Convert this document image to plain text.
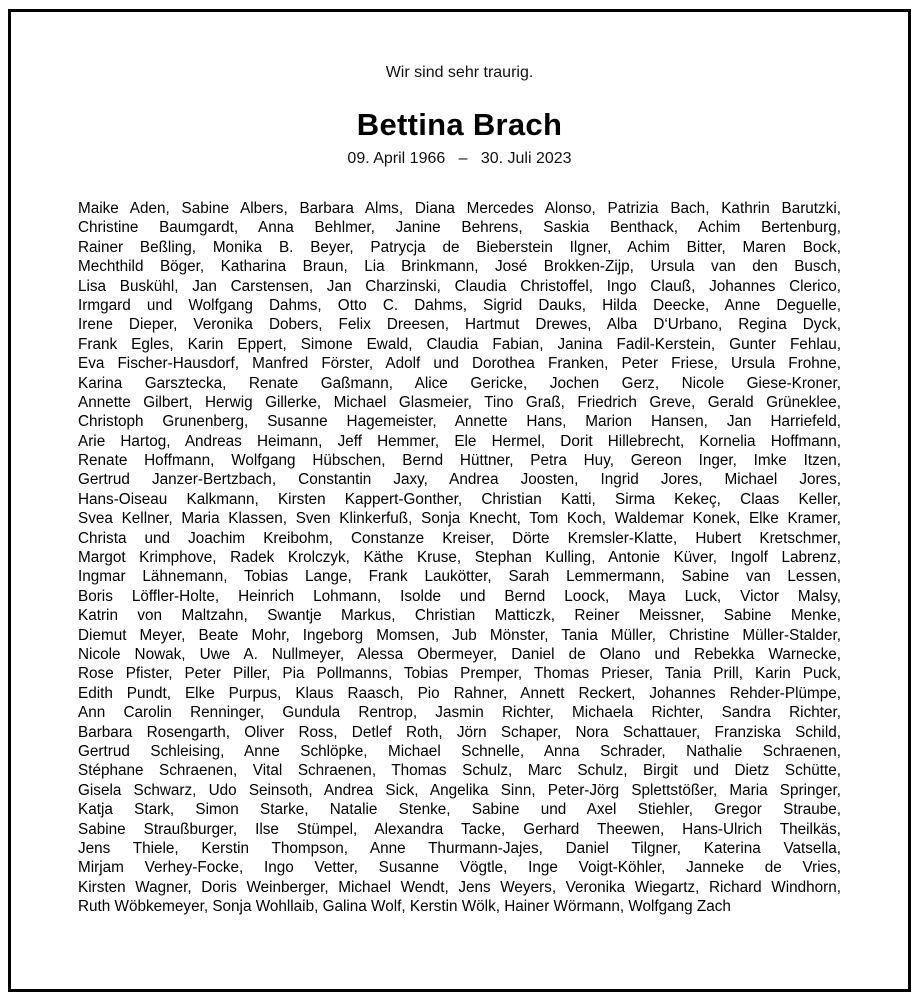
Wir sind sehr traurig.
Bettina Brach
09. April 1966   –   30. Juli 2023
Maike Aden, Sabine Albers, Barbara Alms, Diana Mercedes Alonso, Patrizia Bach, Kathrin Barutzki,
Christine Baumgardt, Anna Behlmer, Janine Behrens, Saskia Benthack, Achim Bertenburg,
Rainer Beßling, Monika B. Beyer, Patrycja de Bieberstein Ilgner, Achim Bitter, Maren Bock,
Mechthild Böger, Katharina Braun, Lia Brinkmann, José Brokken-Zijp, Ursula van den Busch,
Lisa Buskühl, Jan Carstensen, Jan Charzinski, Claudia Christoffel, Ingo Clauß, Johannes Clerico,
Irmgard und Wolfgang Dahms, Otto C. Dahms, Sigrid Dauks, Hilda Deecke, Anne Deguelle,
Irene Dieper, Veronika Dobers, Felix Dreesen, Hartmut Drewes, Alba D‘Urbano, Regina Dyck,
Frank Egles, Karin Eppert, Simone Ewald, Claudia Fabian, Janina Fadil-Kerstein, Gunter Fehlau,
Eva Fischer-Hausdorf, Manfred Förster, Adolf und Dorothea Franken, Peter Friese, Ursula Frohne,
Karina Garsztecka, Renate Gaßmann, Alice Gericke, Jochen Gerz, Nicole Giese-Kroner,
Annette Gilbert, Herwig Gillerke, Michael Glasmeier, Tino Graß, Friedrich Greve, Gerald Grüneklee,
Christoph Grunenberg, Susanne Hagemeister, Annette Hans, Marion Hansen, Jan Harriefeld,
Arie Hartog, Andreas Heimann, Jeff Hemmer, Ele Hermel, Dorit Hillebrecht, Kornelia Hoffmann,
Renate Hoffmann, Wolfgang Hübschen, Bernd Hüttner, Petra Huy, Gereon Inger, Imke Itzen,
Gertrud Janzer-Bertzbach, Constantin Jaxy, Andrea Joosten, Ingrid Jores, Michael Jores,
Hans-Oiseau Kalkmann, Kirsten Kappert-Gonther, Christian Katti, Sirma Kekeç, Claas Keller,
Svea Kellner, Maria Klassen, Sven Klinkerfuß, Sonja Knecht, Tom Koch, Waldemar Konek, Elke Kramer,
Christa und Joachim Kreibohm, Constanze Kreiser, Dörte Kremsler-Klatte, Hubert Kretschmer,
Margot Krimphove, Radek Krolczyk, Käthe Kruse, Stephan Kulling, Antonie Küver, Ingolf Labrenz,
Ingmar Lähnemann, Tobias Lange, Frank Laukötter, Sarah Lemmermann, Sabine van Lessen,
Boris Löffler-Holte, Heinrich Lohmann, Isolde und Bernd Loock, Maya Luck, Victor Malsy,
Katrin von Maltzahn, Swantje Markus, Christian Matticzk, Reiner Meissner, Sabine Menke,
Diemut Meyer, Beate Mohr, Ingeborg Momsen, Jub Mönster, Tania Müller, Christine Müller-Stalder,
Nicole Nowak, Uwe A. Nullmeyer, Alessa Obermeyer, Daniel de Olano und Rebekka Warnecke,
Rose Pfister, Peter Piller, Pia Pollmanns, Tobias Premper, Thomas Prieser, Tania Prill, Karin Puck,
Edith Pundt, Elke Purpus, Klaus Raasch, Pio Rahner, Annett Reckert, Johannes Rehder-Plümpe,
Ann Carolin Renninger, Gundula Rentrop, Jasmin Richter, Michaela Richter, Sandra Richter,
Barbara Rosengarth, Oliver Ross, Detlef Roth, Jörn Schaper, Nora Schattauer, Franziska Schild,
Gertrud Schleising, Anne Schlöpke, Michael Schnelle, Anna Schrader, Nathalie Schraenen,
Stéphane Schraenen, Vital Schraenen, Thomas Schulz, Marc Schulz, Birgit und Dietz Schütte,
Gisela Schwarz, Udo Seinsoth, Andrea Sick, Angelika Sinn, Peter-Jörg Splettstößer, Maria Springer,
Katja Stark, Simon Starke, Natalie Stenke, Sabine und Axel Stiehler, Gregor Straube,
Sabine Straußburger, Ilse Stümpel, Alexandra Tacke, Gerhard Theewen, Hans-Ulrich Theilkäs,
Jens Thiele, Kerstin Thompson, Anne Thurmann-Jajes, Daniel Tilgner, Katerina Vatsella,
Mirjam Verhey-Focke, Ingo Vetter, Susanne Vögtle, Inge Voigt-Köhler, Janneke de Vries,
Kirsten Wagner, Doris Weinberger, Michael Wendt, Jens Weyers, Veronika Wiegartz, Richard Windhorn,
Ruth Wöbkemeyer, Sonja Wohllaib, Galina Wolf, Kerstin Wölk, Hainer Wörmann, Wolfgang Zach
